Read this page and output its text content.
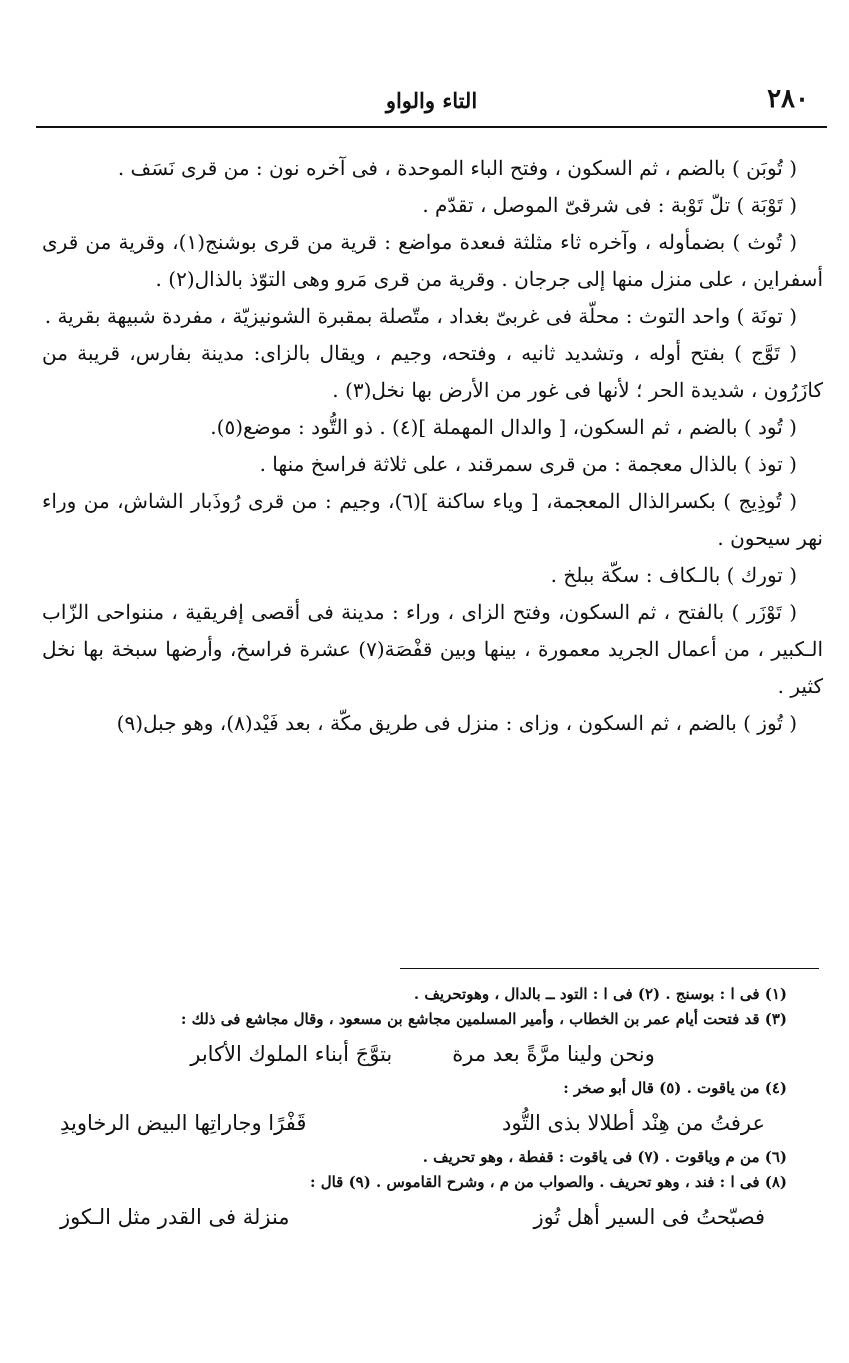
٢٨٠
التاء والواو

( تُوبَن ) بالضم ، ثم السكون ، وفتح الباء الموحدة ، فى آخره نون : من قرى نَسَف .

( تَوْبَة ) تلّ تَوْبة : فى شرقىّ الموصل ، تقدّم .

( تُوث ) بضمأوله ، وآخره ثاء مثلثة فىعدة مواضع : قرية من قرى بوشنج(١)، وقرية من قرى أسفراين ، على منزل منها إلى جرجان . وقرية من قرى مَرو وهى التوّذ بالذال(٢) .

( تونَة ) واحد التوث : محلّة فى غربىّ بغداد ، متّصلة بمقبرة الشونيزيّة ، مفردة شبيهة بقرية .

( تَوَّج ) بفتح أوله ، وتشديد ثانيه ، وفتحه، وجيم ، ويقال بالزاى: مدينة بفارس، قريبة من كازَرُون ، شديدة الحر ؛ لأنها فى غور من الأرض بها نخل(٣) .

( تُود ) بالضم ، ثم السكون، [ والدال المهملة ](٤) . ذو التُّود : موضع(٥).

( توذ ) بالذال معجمة : من قرى سمرقند ، على ثلاثة فراسخ منها .

( تُوذِيج ) بكسرالذال المعجمة، [ وياء ساكنة ](٦)، وجيم : من قرى رُوذَبار الشاش، من وراء نهر سيحون .

( تورك ) بالـكاف : سكّة ببلخ .

( تَوْزَر ) بالفتح ، ثم السكون، وفتح الزاى ، وراء : مدينة فى أقصى إفريقية ، مننواحى الزّاب الـكبير ، من أعمال الجريد معمورة ، بينها وبين قفْصَة(٧) عشرة فراسخ، وأرضها سبخة بها نخل كثير .

( تُوز ) بالضم ، ثم السكون ، وزاى : منزل فى طريق مكّة ، بعد فَيْد(٨)، وهو جبل(٩)

(١) فى ا : بوسنج . (٢) فى ا : التود ــ بالدال ، وهوتحريف .

(٣) قد فتحت أيام عمر بن الخطاب ، وأمير المسلمين مجاشع بن مسعود ، وقال مجاشع فى ذلك :

ونحن ولينا مرَّةً بعد مرة
بتوَّجَ أبناء الملوك الأكابر

(٤) من ياقوت . (٥) قال أبو صخر :

عرفتُ من هِنْد أطلالا بذى التُّود
قَفْرًا وجاراتِها البيض الرخاويدِ

(٦) من م وياقوت . (٧) فى ياقوت : قفطة ، وهو تحريف .

(٨) فى ا : فند ، وهو تحريف . والصواب من م ، وشرح القاموس . (٩) قال :

فصبّحتُ فى السير أهل تُوز
منزلة فى القدر مثل الـكوز
